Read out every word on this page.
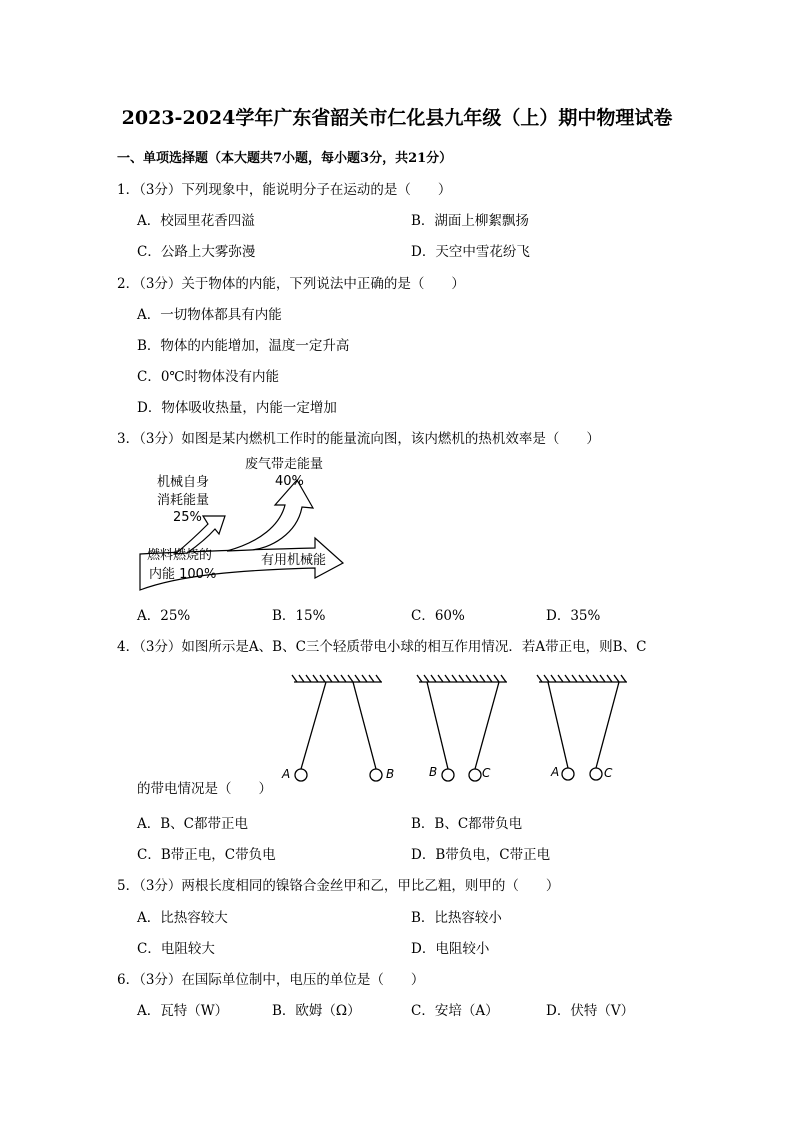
2023-2024学年广东省韶关市仁化县九年级（上）期中物理试卷
一、单项选择题（本大题共7小题，每小题3分，共21分）
1．（3分）下列现象中，能说明分子在运动的是（　　）
A．校园里花香四溢	B．湖面上柳絮飘扬
C．公路上大雾弥漫	D．天空中雪花纷飞
2．（3分）关于物体的内能，下列说法中正确的是（　　）
A．一切物体都具有内能
B．物体的内能增加，温度一定升高
C．0℃时物体没有内能
D．物体吸收热量，内能一定增加
3．（3分）如图是某内燃机工作时的能量流向图，该内燃机的热机效率是（　　）
废气带走能量
40%
机械自身
消耗能量
25%
燃料燃烧的
内能 100%
有用机械能
A．25%	B．15%	C．60%	D．35%
4．（3分）如图所示是A、B、C三个轻质带电小球的相互作用情况．若A带正电，则B、C
A	B	B	C	A	C
的带电情况是（　　）
A．B、C都带正电	B．B、C都带负电
C．B带正电，C带负电	D．B带负电，C带正电
5．（3分）两根长度相同的镍铬合金丝甲和乙，甲比乙粗，则甲的（　　）
A．比热容较大	B．比热容较小
C．电阻较大	D．电阻较小
6．（3分）在国际单位制中，电压的单位是（　　）
A．瓦特（W）	B．欧姆（Ω）	C．安培（A）	D．伏特（V）
